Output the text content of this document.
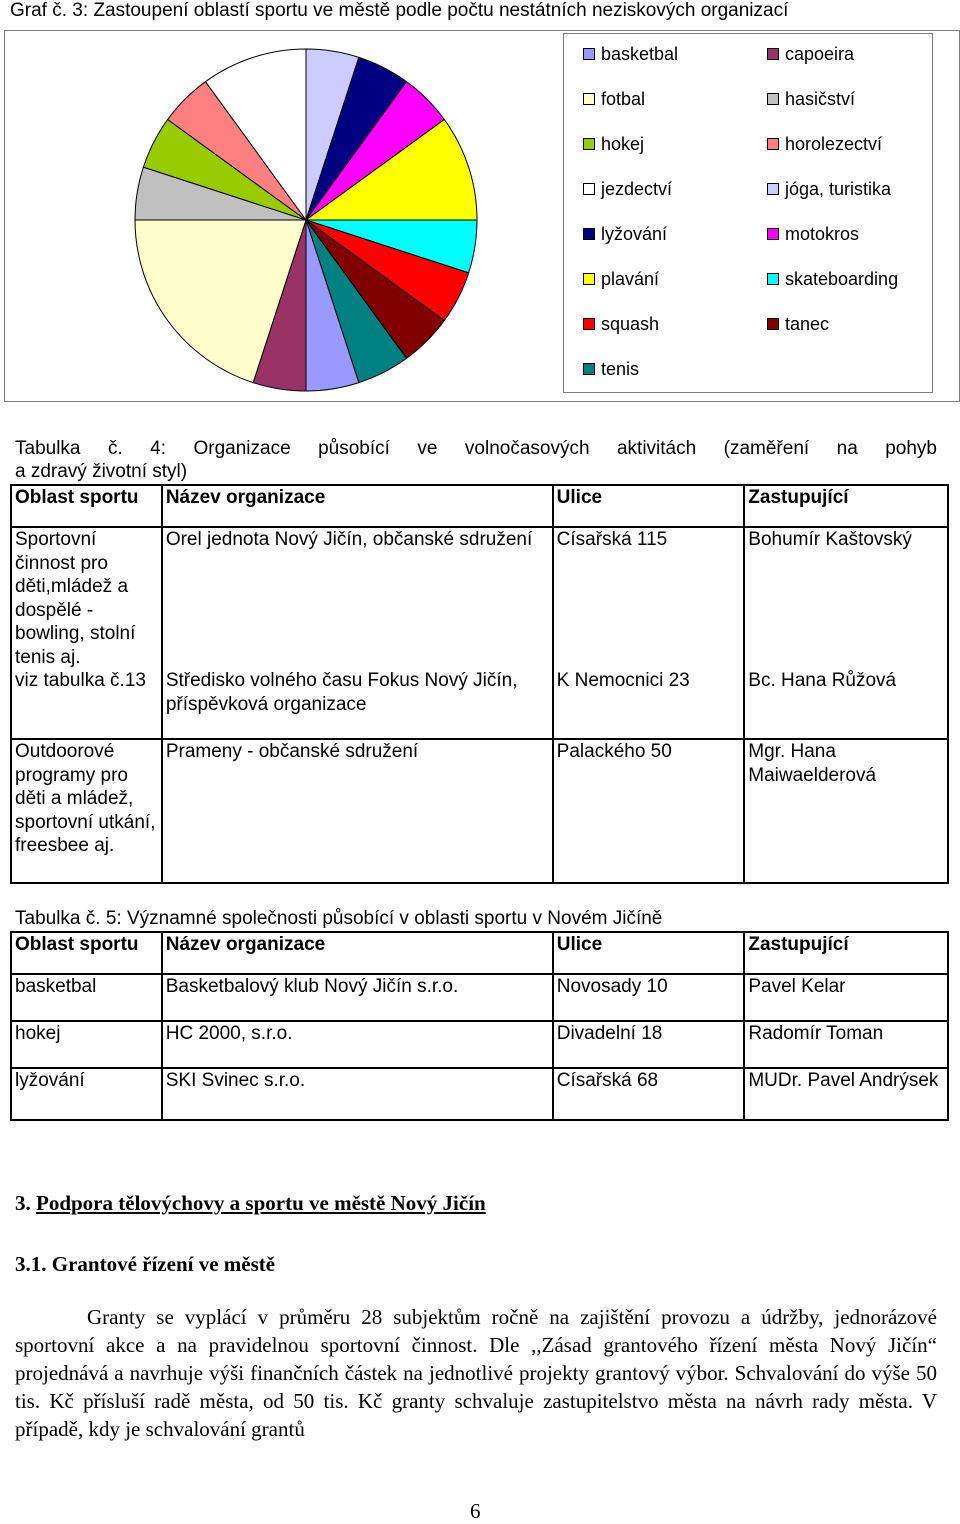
Graf č. 3: Zastoupení oblastí sportu ve městě podle počtu nestátních neziskových organizací
basketbal	capoeira
fotbal	hasičství
hokej	horolezectví
jezdectví	jóga, turistika
lyžování	motokros
plavání	skateboarding
squash	tanec
tenis
Tabulka č. 4: Organizace působící ve volnočasových aktivitách (zaměření na pohyb
a zdravý životní styl)
Oblast sportu	Název organizace	Ulice	Zastupující
Sportovní činnost pro děti,mládež a dospělé - bowling, stolní tenis aj.	Orel jednota Nový Jičín, občanské sdružení	Císařská 115	Bohumír Kaštovský
viz tabulka č.13	Středisko volného času Fokus Nový Jičín, příspěvková organizace	K Nemocnici 23	Bc. Hana Růžová
Outdoorové programy pro děti a mládež, sportovní utkání, freesbee aj.	Prameny - občanské sdružení	Palackého 50	Mgr. Hana Maiwaelderová
Tabulka č. 5: Významné společnosti působící v oblasti sportu v Novém Jičíně
Oblast sportu	Název organizace	Ulice	Zastupující
basketbal	Basketbalový klub Nový Jičín s.r.o.	Novosady 10	Pavel Kelar
hokej	HC 2000, s.r.o.	Divadelní 18	Radomír Toman
lyžování	SKI Svinec s.r.o.	Císařská 68	MUDr. Pavel Andrýsek
3. Podpora tělovýchovy a sportu ve městě Nový Jičín
3.1. Grantové řízení ve městě

Granty se vyplácí v průměru 28 subjektům ročně na zajištění provozu a údržby, jednorázové sportovní akce a na pravidelnou sportovní činnost. Dle ,,Zásad grantového řízení města Nový Jičín“ projednává a navrhuje výši finančních částek na jednotlivé projekty grantový výbor. Schvalování do výše 50 tis. Kč přísluší radě města, od 50 tis. Kč granty schvaluje zastupitelstvo města na návrh rady města. V případě, kdy je schvalování grantů

6
